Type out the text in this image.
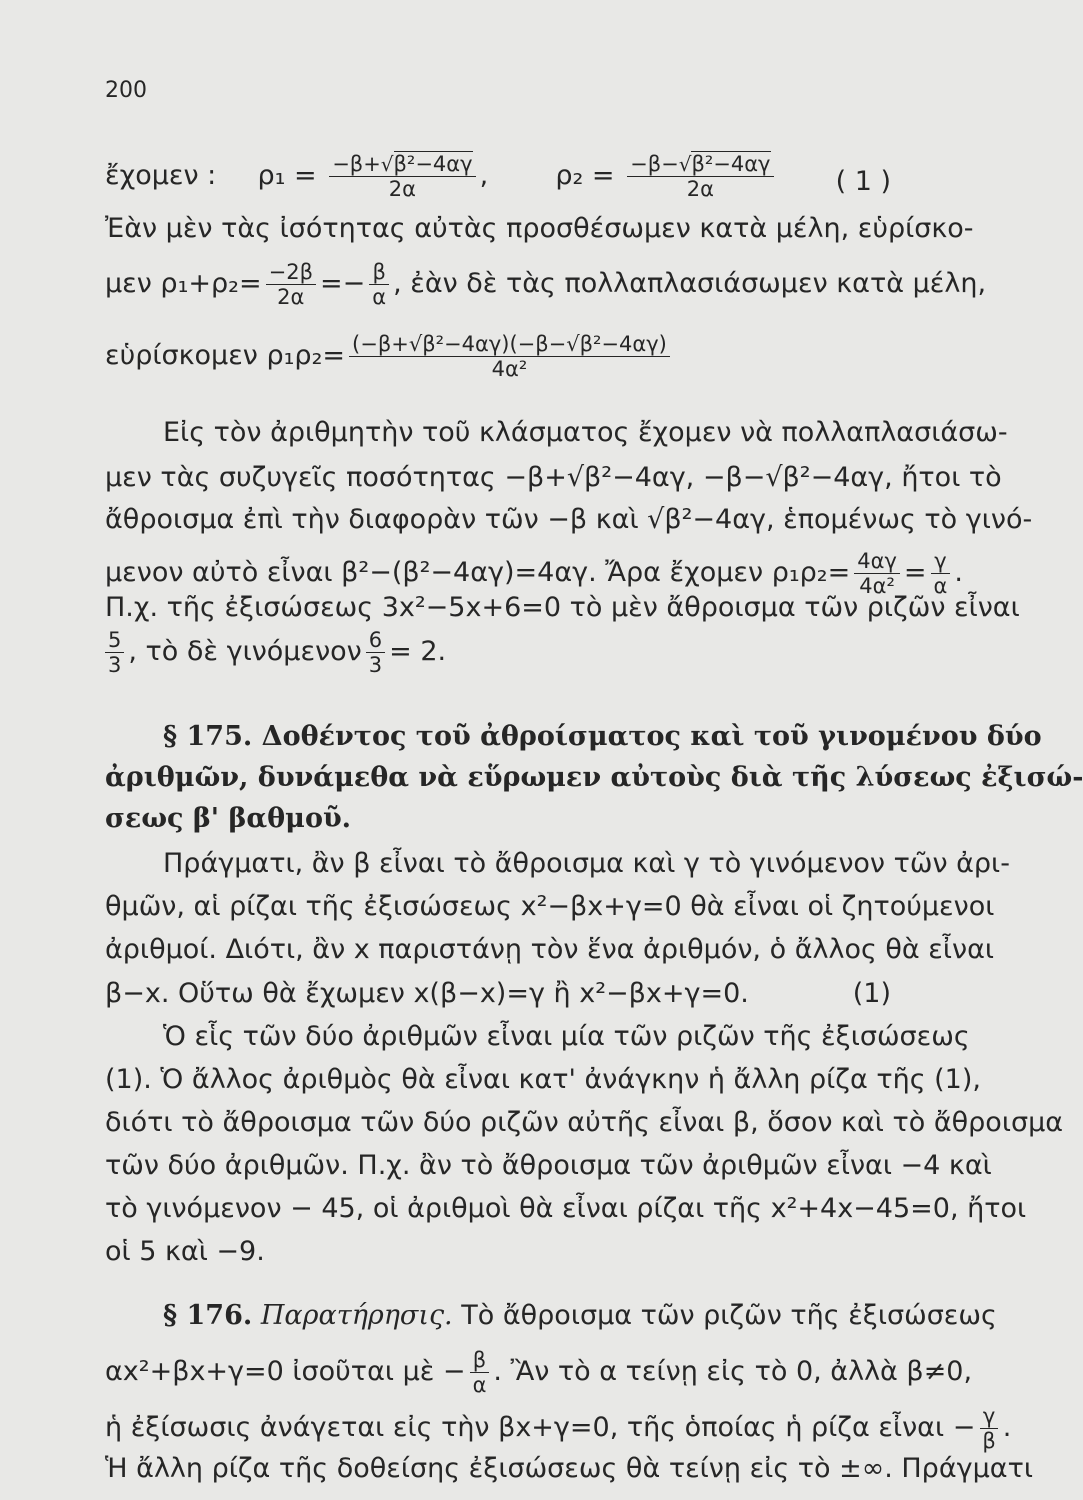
200
ἔχομεν : $\rho_1 = \frac{\text{−β+√β²−4αγ}}{2\alpha}$ , $\rho_2 = \frac{\text{−β−√β²−4αγ}}{2\alpha}$ ( 1 )
Ἐὰν μὲν τὰς ἰσότητας αὐτὰς προσθέσωμεν κατὰ μέλη, εὑρίσκο-
μεν $\rho_1+\rho_2= \frac{-2\beta}{2\alpha} =- \frac{\beta}{\alpha}$ , ἐὰν δὲ τὰς πολλαπλασιάσωμεν κατὰ μέλη,
εὑρίσκομεν $\rho_1\rho_2= \frac{\text{(−β+√β²−4αγ)(−β−√β²−4αγ)}}{\text{4α²}}$
Εἰς τὸν ἀριθμητὴν τοῦ κλάσματος ἔχομεν νὰ πολλαπλασιάσω-
μεν τὰς συζυγεῖς ποσότητας −β+√β²−4αγ, −β−√β²−4αγ, ἤτοι τὸ
ἄθροισμα ἐπὶ τὴν διαφορὰν τῶν −β καὶ √β²−4αγ, ἑπομένως τὸ γινό-
μενον αὐτὸ εἶναι β²−(β²−4αγ)=4αγ. Ἄρα ἔχομεν $\rho_1\rho_2= \frac{4\alpha\gamma}{\text{4α²}} = \frac{\gamma}{\alpha}$ .
Π.χ. τῆς ἐξισώσεως 3x²−5x+6=0 τὸ μὲν ἄθροισμα τῶν ριζῶν εἶναι
$\frac{5}{3}$ , τὸ δὲ γινόμενον $\frac{6}{3} = 2$.
§ 175. Δοθέντος τοῦ ἀθροίσματος καὶ τοῦ γινομένου δύο
ἀριθμῶν, δυνάμεθα νὰ εὕρωμεν αὐτοὺς διὰ τῆς λύσεως ἐξισώ-
σεως β' βαθμοῦ.
Πράγματι, ἂν β εἶναι τὸ ἄθροισμα καὶ γ τὸ γινόμενον τῶν ἀρι-
θμῶν, αἱ ρίζαι τῆς ἐξισώσεως x²−βx+γ=0 θὰ εἶναι οἱ ζητούμενοι
ἀριθμοί. Διότι, ἂν x παριστάνῃ τὸν ἕνα ἀριθμόν, ὁ ἄλλος θὰ εἶναι
β−x. Οὕτω θὰ ἔχωμεν x(β−x)=γ ἢ x²−βx+γ=0.	(1)
Ὁ εἷς τῶν δύο ἀριθμῶν εἶναι μία τῶν ριζῶν τῆς ἐξισώσεως
(1). Ὁ ἄλλος ἀριθμὸς θὰ εἶναι κατ' ἀνάγκην ἡ ἄλλη ρίζα τῆς (1),
διότι τὸ ἄθροισμα τῶν δύο ριζῶν αὐτῆς εἶναι β, ὅσον καὶ τὸ ἄθροισμα
τῶν δύο ἀριθμῶν. Π.χ. ἂν τὸ ἄθροισμα τῶν ἀριθμῶν εἶναι −4 καὶ
τὸ γινόμενον − 45, οἱ ἀριθμοὶ θὰ εἶναι ρίζαι τῆς x²+4x−45=0, ἤτοι
οἱ 5 καὶ −9.
§ 176. Παρατήρησις. Τὸ ἄθροισμα τῶν ριζῶν τῆς ἐξισώσεως
αx²+βx+γ=0 ἰσοῦται μὲ − $\frac{\beta}{\alpha}$ . Ἂν τὸ α τείνῃ εἰς τὸ 0, ἀλλὰ β≠0,
ἡ ἐξίσωσις ἀνάγεται εἰς τὴν βx+γ=0, τῆς ὁποίας ἡ ρίζα εἶναι − $\frac{\gamma}{\beta}$ .
Ἡ ἄλλη ρίζα τῆς δοθείσης ἐξισώσεως θὰ τείνῃ εἰς τὸ ±∞. Πράγματι
